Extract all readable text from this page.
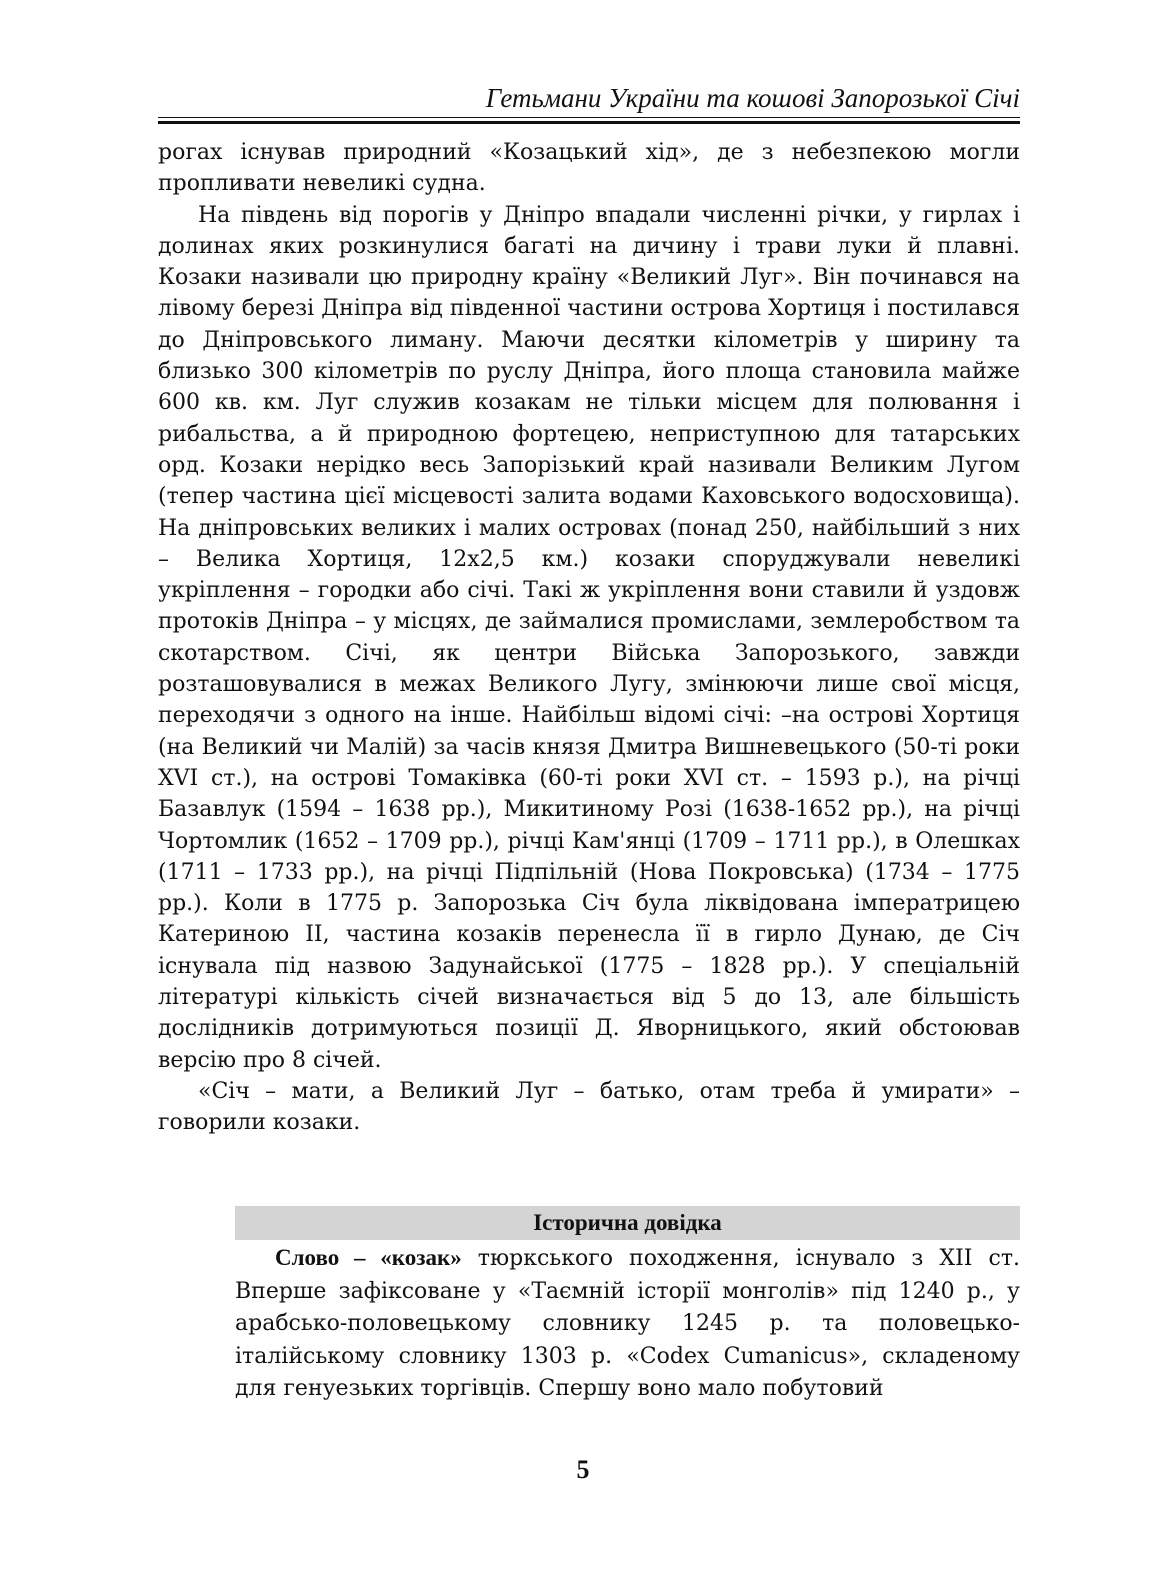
Гетьмани України та кошові Запорозької Січі

рогах існував природний «Козацький хід», де з небезпекою могли пропливати невеликі судна.

На південь від порогів у Дніпро впадали численні річки, у гирлах і долинах яких розкинулися багаті на дичину і трави луки й плавні. Козаки називали цю природну країну «Великий Луг». Він починався на лівому березі Дніпра від південної частини острова Хортиця і постилався до Дніпровського лиману. Маючи десятки кілометрів у ширину та близько 300 кілометрів по руслу Дніпра, його площа становила майже 600 кв. км. Луг служив козакам не тільки місцем для полювання і рибальства, а й природною фортецею, неприступною для татарських орд. Козаки нерідко весь Запорізький край називали Великим Лугом (тепер частина цієї місцевості залита водами Каховського водосховища). На дніпровських великих і малих островах (понад 250, найбільший з них – Велика Хортиця, 12х2,5 км.) козаки споруджували невеликі укріплення – городки або січі. Такі ж укріплення вони ставили й уздовж протоків Дніпра – у місцях, де займалися промислами, землеробством та скотарством. Січі, як центри Війська Запорозького, завжди розташовувалися в межах Великого Лугу, змінюючи лише свої місця, переходячи з одного на інше. Найбільш відомі січі: –на острові Хортиця (на Великий чи Малій) за часів князя Дмитра Вишневецького (50-ті роки XVI ст.), на острові Томаківка (60-ті роки XVI ст. – 1593 р.), на річці Базавлук (1594 – 1638 рр.), Микитиному Розі (1638-1652 рр.), на річці Чортомлик (1652 – 1709 рр.), річці Кам'янці (1709 – 1711 рр.), в Олешках (1711 – 1733 рр.), на річці Підпільній (Нова Покровська) (1734 – 1775 рр.). Коли в 1775 р. Запорозька Січ була ліквідована імператрицею Катериною ІІ, частина козаків перенесла її в гирло Дунаю, де Січ існувала під назвою Задунайської (1775 – 1828 рр.). У спеціальній літературі кількість січей визначається від 5 до 13, але більшість дослідників дотримуються позиції Д. Яворницького, який обстоював версію про 8 січей.

«Січ – мати, а Великий Луг – батько, отам треба й умирати» – говорили козаки.

Історична довідка

Слово – «козак» тюркського походження, існувало з XII ст. Вперше зафіксоване у «Таємній історії монголів» під 1240 р., у арабсько-половецькому словнику 1245 р. та половецько-італійському словнику 1303 р. «Codex Cumanicus», складеному для генуезьких торгівців. Спершу воно мало побутовий

5
